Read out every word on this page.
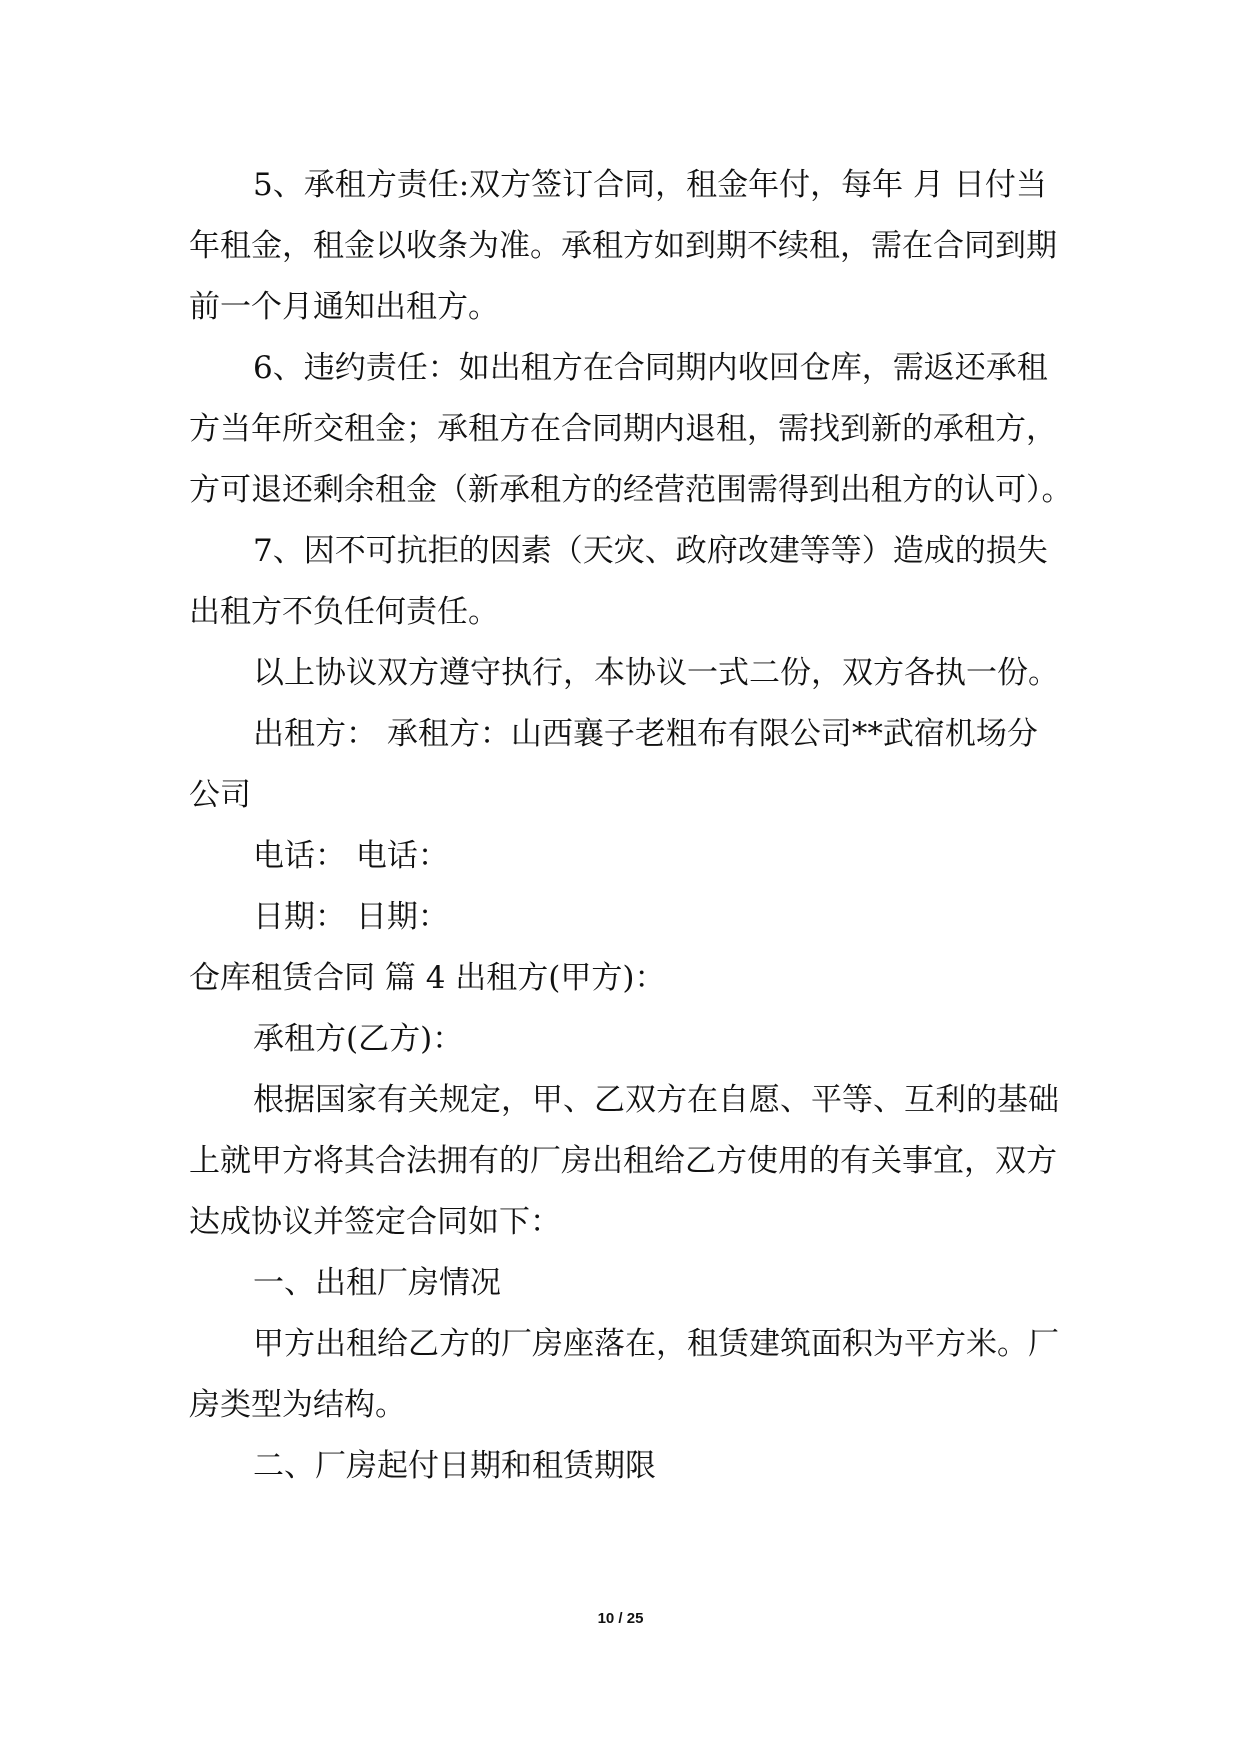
5、承租方责任:双方签订合同，租金年付，每年 月 日付当
年租金，租金以收条为准。承租方如到期不续租，需在合同到期
前一个月通知出租方。
6、违约责任：如出租方在合同期内收回仓库，需返还承租
方当年所交租金；承租方在合同期内退租，需找到新的承租方，
方可退还剩余租金（新承租方的经营范围需得到出租方的认可）。
7、因不可抗拒的因素（天灾、政府改建等等）造成的损失
出租方不负任何责任。
以上协议双方遵守执行，本协议一式二份，双方各执一份。
出租方： 承租方：山西襄子老粗布有限公司**武宿机场分
公司
电话： 电话：
日期： 日期：
仓库租赁合同 篇 4 出租方(甲方)：
承租方(乙方)：
根据国家有关规定，甲、乙双方在自愿、平等、互利的基础
上就甲方将其合法拥有的厂房出租给乙方使用的有关事宜，双方
达成协议并签定合同如下：
一、出租厂房情况
甲方出租给乙方的厂房座落在，租赁建筑面积为平方米。厂
房类型为结构。
二、厂房起付日期和租赁期限
10 / 25
